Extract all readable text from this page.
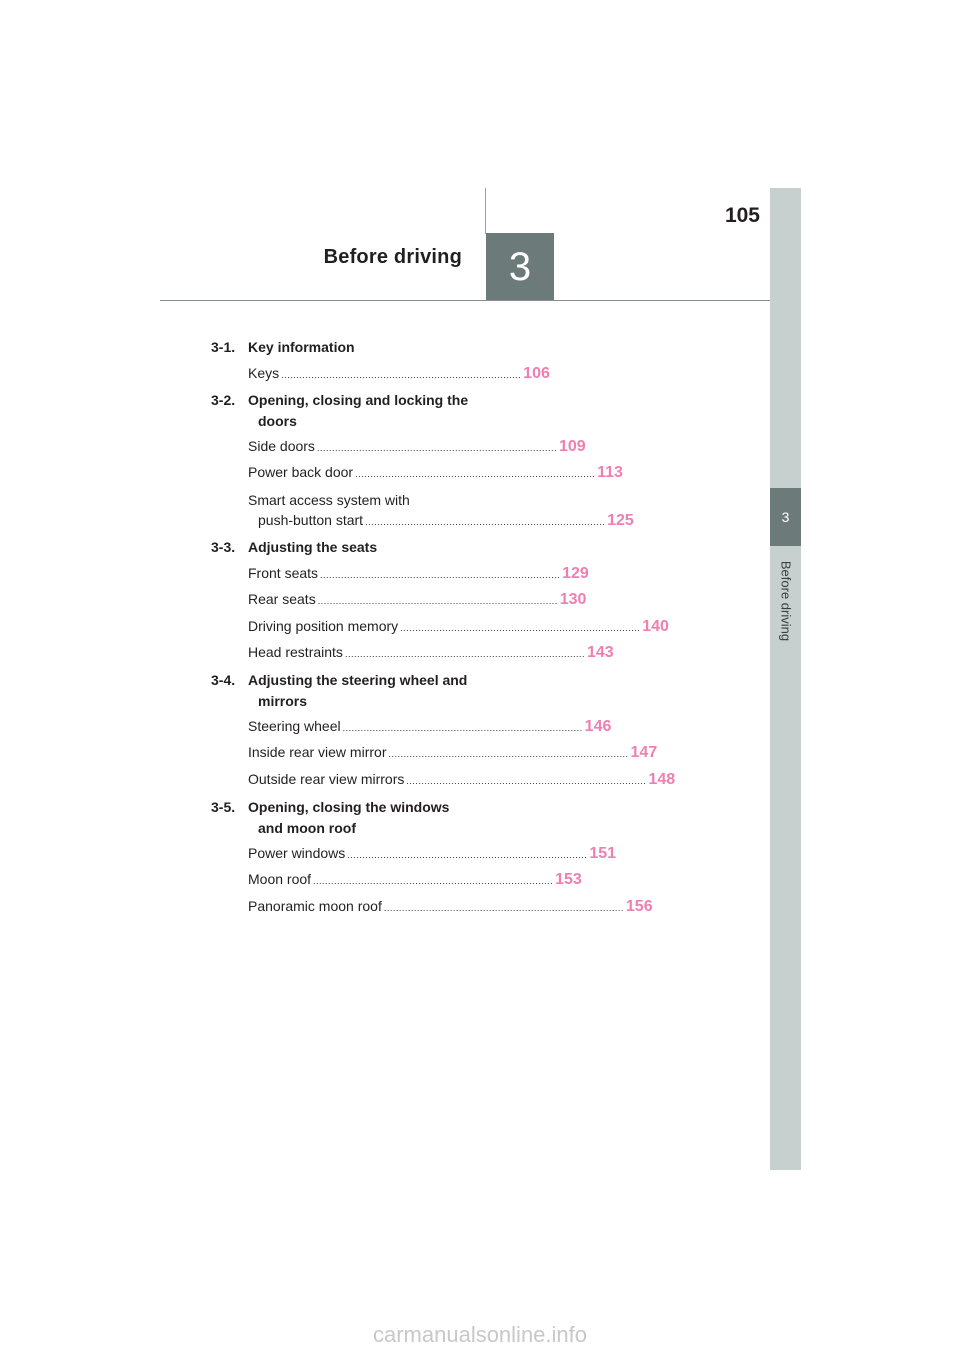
105
Before driving	3
3
Before driving
3-1. Key information
Keys ................................................................................ 106
3-2. Opening, closing and locking the
doors
Side doors ................................................................................ 109
Power back door ................................................................................ 113
Smart access system with
push-button start ................................................................................ 125
3-3. Adjusting the seats
Front seats ................................................................................ 129
Rear seats ................................................................................ 130
Driving position memory ................................................................................ 140
Head restraints ................................................................................ 143
3-4. Adjusting the steering wheel and
mirrors
Steering wheel ................................................................................ 146
Inside rear view mirror ................................................................................ 147
Outside rear view mirrors ................................................................................ 148
3-5. Opening, closing the windows
and moon roof
Power windows ................................................................................ 151
Moon roof ................................................................................ 153
Panoramic moon roof ................................................................................ 156
carmanualsonline.info
